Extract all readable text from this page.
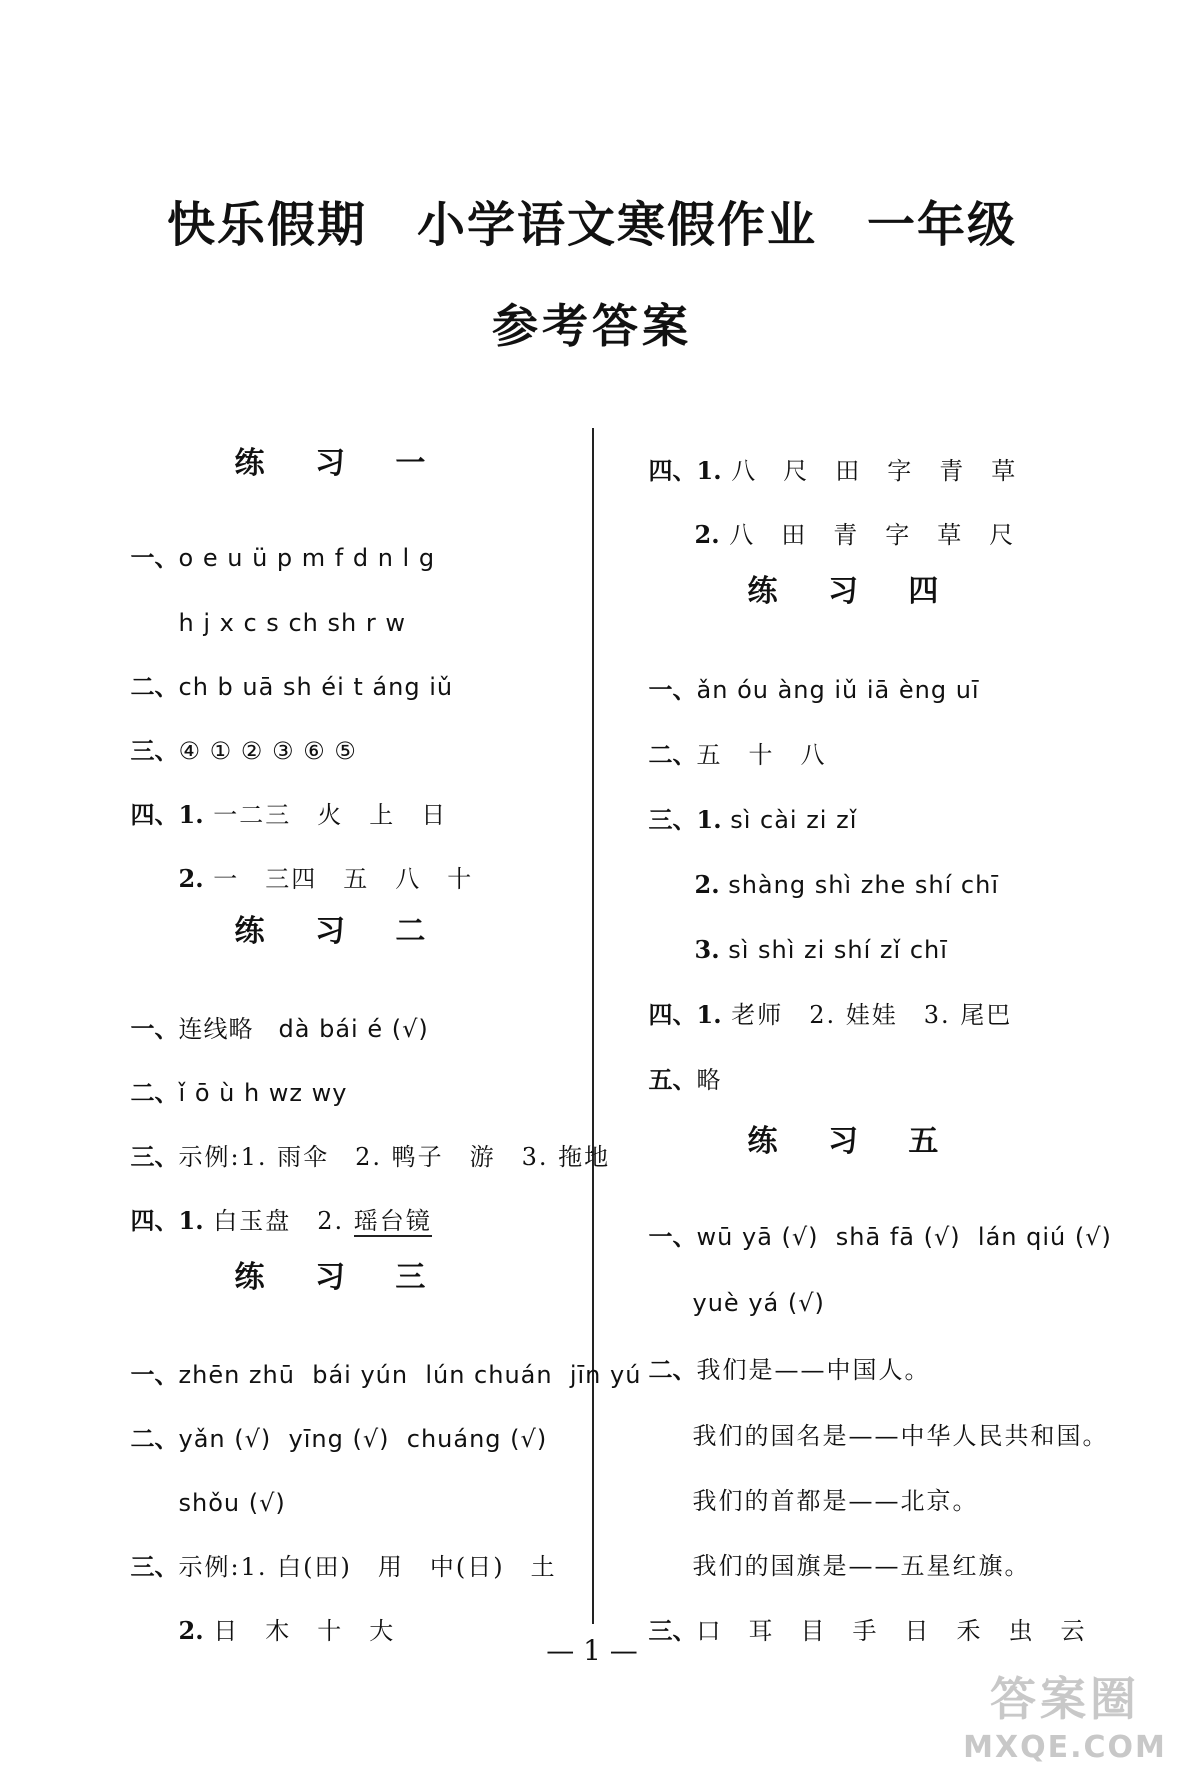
快乐假期　小学语文寒假作业　一年级
参考答案
练 习 一

一、o e u ü p m f d n l g

h j x c s ch sh r w

二、ch b uā sh éi t áng iǔ

三、④ ① ② ③ ⑥ ⑤

四、1. 一二三　火　上　日

2. 一　三四　五　八　十

练 习 二

一、连线略　dà bái é (√)

二、ǐ ō ù h wz wy

三、示例:1. 雨伞　2. 鸭子　游　3. 拖地

四、1. 白玉盘　2. 瑶台镜

练 习 三

一、zhēn zhū  bái yún  lún chuán  jīn yú

二、yǎn (√)  yīng (√)  chuáng (√)

shǒu (√)

三、示例:1. 白(田)　用　中(日)　土

2. 日　木　十　大

四、1. 八　尺　田　字　青　草

2. 八　田　青　字　草　尺

练 习 四

一、ǎn óu àng iǔ iā èng uī

二、五　十　八

三、1. sì cài zi zǐ

2. shàng shì zhe shí chī

3. sì shì zi shí zǐ chī

四、1. 老师　2. 娃娃　3. 尾巴

五、略

练 习 五

一、wū yā (√)  shā fā (√)  lán qiú (√)

yuè yá (√)

二、我们是——中国人。

我们的国名是——中华人民共和国。

我们的首都是——北京。

我们的国旗是——五星红旗。

三、口　耳　目　手　日　禾　虫　云

— 1 —
答案圈
MXQE.COM
